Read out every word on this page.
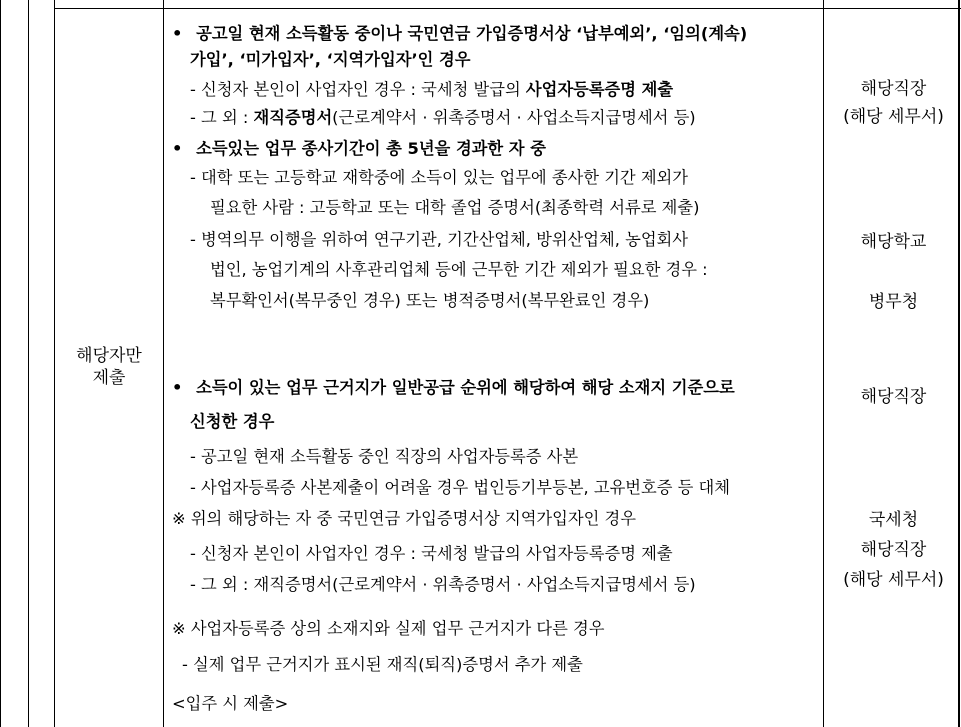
해당자만
제출
• 공고일 현재 소득활동 중이나 국민연금 가입증명서상 ‘납부예외’, ‘임의(계속)
가입’, ‘미가입자’, ‘지역가입자’인 경우
- 신청자 본인이 사업자인 경우 : 국세청 발급의 사업자등록증명 제출
- 그 외 : 재직증명서(근로계약서 · 위촉증명서 · 사업소득지급명세서 등)
• 소득있는 업무 종사기간이 총 5년을 경과한 자 중
- 대학 또는 고등학교 재학중에 소득이 있는 업무에 종사한 기간 제외가
필요한 사람 : 고등학교 또는 대학 졸업 증명서(최종학력 서류로 제출)
- 병역의무 이행을 위하여 연구기관, 기간산업체, 방위산업체, 농업회사
법인, 농업기계의 사후관리업체 등에 근무한 기간 제외가 필요한 경우 :
복무확인서(복무중인 경우) 또는 병적증명서(복무완료인 경우)
• 소득이 있는 업무 근거지가 일반공급 순위에 해당하여 해당 소재지 기준으로
신청한 경우
- 공고일 현재 소득활동 중인 직장의 사업자등록증 사본
- 사업자등록증 사본제출이 어려울 경우 법인등기부등본, 고유번호증 등 대체
※ 위의 해당하는 자 중 국민연금 가입증명서상 지역가입자인 경우
- 신청자 본인이 사업자인 경우 : 국세청 발급의 사업자등록증명 제출
- 그 외 : 재직증명서(근로계약서 · 위촉증명서 · 사업소득지급명세서 등)
※ 사업자등록증 상의 소재지와 실제 업무 근거지가 다른 경우
- 실제 업무 근거지가 표시된 재직(퇴직)증명서 추가 제출
<입주 시 제출>
해당직장
(해당 세무서)
해당학교
병무청
해당직장
국세청
해당직장
(해당 세무서)
